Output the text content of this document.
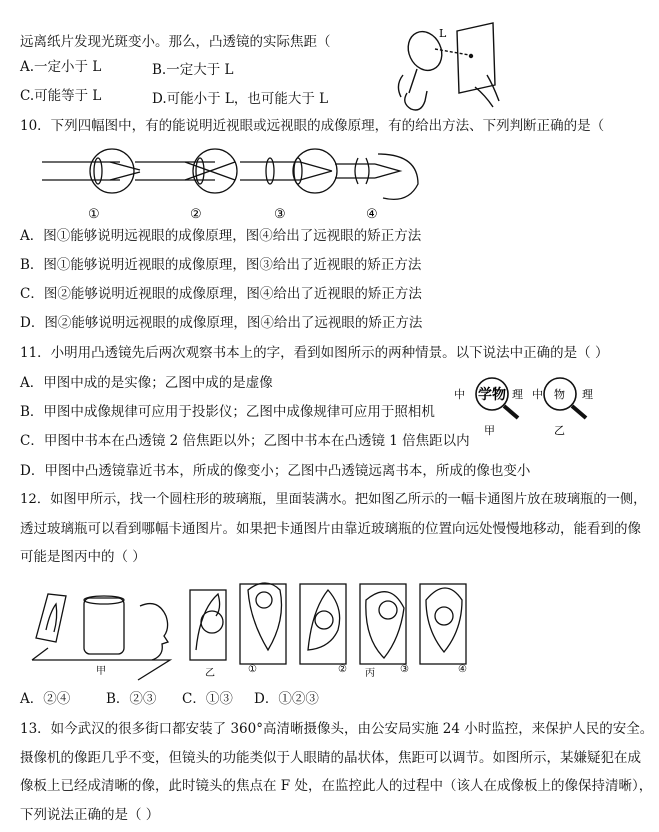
远离纸片发现光斑变小。那么，凸透镜的实际焦距（
A.一定小于 L	B.一定大于 L
C.可能等于 L	D.可能小于 L，也可能大于 L
L
10．下列四幅图中，有的能说明近视眼或远视眼的成像原理，有的给出方法、下列判断正确的是（
①	②	③	④
A．图①能够说明远视眼的成像原理，图④给出了远视眼的矫正方法
B．图①能够说明近视眼的成像原理，图③给出了近视眼的矫正方法
C．图②能够说明近视眼的成像原理，图④给出了近视眼的矫正方法
D．图②能够说明远视眼的成像原理，图④给出了远视眼的矫正方法
11．小明用凸透镜先后两次观察书本上的字，看到如图所示的两种情景。以下说法中正确的是（ ）
A．甲图中成的是实像；乙图中成的是虚像
B．甲图中成像规律可应用于投影仪；乙图中成像规律可应用于照相机
C．甲图中书本在凸透镜 2 倍焦距以外；乙图中书本在凸透镜 1 倍焦距以内
D．甲图中凸透镜靠近书本，所成的像变小；乙图中凸透镜远离书本，所成的像也变小
中 学物 理
甲
中 物 理
乙
12．如图甲所示，找一个圆柱形的玻璃瓶，里面装满水。把如图乙所示的一幅卡通图片放在玻璃瓶的一侧，
透过玻璃瓶可以看到哪幅卡通图片。如果把卡通图片由靠近玻璃瓶的位置向远处慢慢地移动，能看到的像
可能是图丙中的（ ）
甲	乙	丙
①	②	③	④
A．②④	B．②③ C．①③ D．①②③
13．如今武汉的很多街口都安装了 360°高清晰摄像头，由公安局实施 24 小时监控，来保护人民的安全。
摄像机的像距几乎不变，但镜头的功能类似于人眼睛的晶状体，焦距可以调节。如图所示，某嫌疑犯在成
像板上已经成清晰的像，此时镜头的焦点在 F 处，在监控此人的过程中（该人在成像板上的像保持清晰），
下列说法正确的是（ ）
